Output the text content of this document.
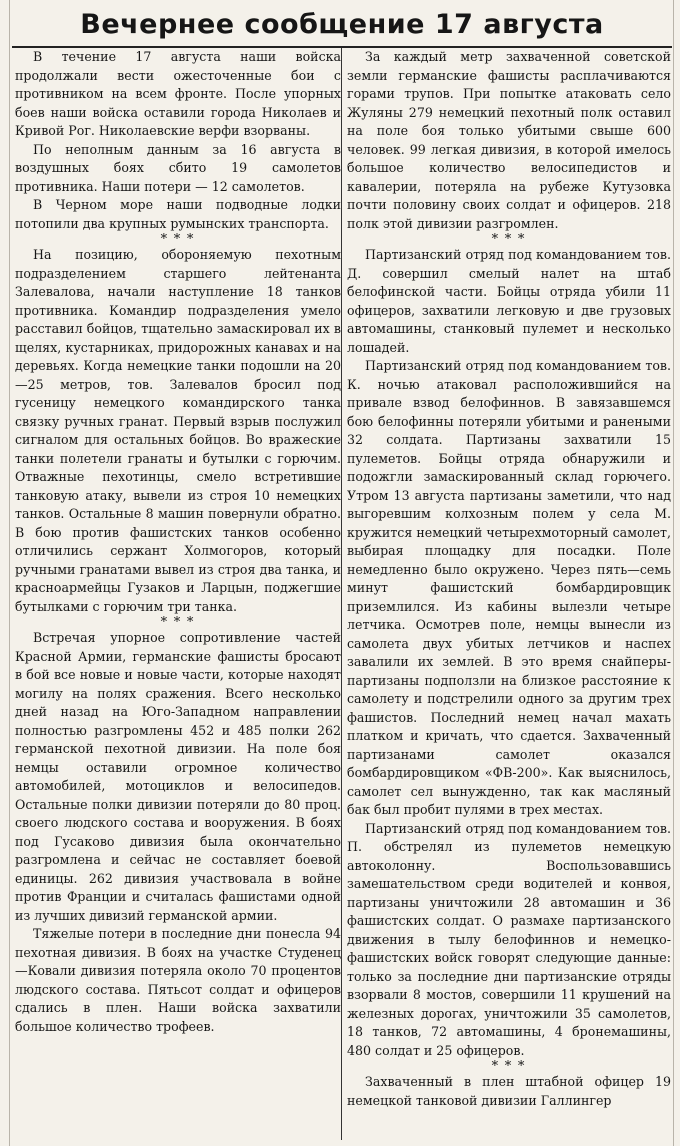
Вечернее сообщение 17 августа

В течение 17 августа наши войска продолжали вести ожесточенные бои с противником на всем фронте. После упорных боев наши войска оставили города Николаев и Кривой Рог. Николаевские верфи взорваны.

По неполным данным за 16 августа в воздушных боях сбито 19 самолетов противника. Наши потери — 12 самолетов.

В Черном море наши подводные лодки потопили два крупных румынских транспорта.

* * *

На позицию, обороняемую пехотным подразделением старшего лейтенанта Залевалова, начали наступление 18 танков противника. Командир подразделения умело расставил бойцов, тщательно замаскировал их в щелях, кустарниках, придорожных канавах и на деревьях. Когда немецкие танки подошли на 20—25 метров, тов. Залевалов бросил под гусеницу немецкого командирского танка связку ручных гранат. Первый взрыв послужил сигналом для остальных бойцов. Во вражеские танки полетели гранаты и бутылки с горючим. Отважные пехотинцы, смело встретившие танковую атаку, вывели из строя 10 немецких танков. Остальные 8 машин повернули обратно. В бою против фашистских танков особенно отличились сержант Холмогоров, который ручными гранатами вывел из строя два танка, и красноармейцы Гузаков и Ларцын, поджегшие бутылками с горючим три танка.

* * *

Встречая упорное сопротивление частей Красной Армии, германские фашисты бросают в бой все новые и новые части, которые находят могилу на полях сражения. Всего несколько дней назад на Юго-Западном направлении полностью разгромлены 452 и 485 полки 262 германской пехотной дивизии. На поле боя немцы оставили огромное количество автомобилей, мотоциклов и велосипедов. Остальные полки дивизии потеряли до 80 проц. своего людского состава и вооружения. В боях под Гусаково дивизия была окончательно разгромлена и сейчас не составляет боевой единицы. 262 дивизия участвовала в войне против Франции и считалась фашистами одной из лучших дивизий германской армии.

Тяжелые потери в последние дни понесла 94 пехотная дивизия. В боях на участке Студенец—Ковали дивизия потеряла около 70 процентов людского состава. Пятьсот солдат и офицеров сдались в плен. Наши войска захватили большое количество трофеев.

За каждый метр захваченной советской земли германские фашисты расплачиваются горами трупов. При попытке атаковать село Жуляны 279 немецкий пехотный полк оставил на поле боя только убитыми свыше 600 человек. 99 легкая дивизия, в которой имелось большое количество велосипедистов и кавалерии, потеряла на рубеже Кутузовка почти половину своих солдат и офицеров. 218 полк этой дивизии разгромлен.

* * *

Партизанский отряд под командованием тов. Д. совершил смелый налет на штаб белофинской части. Бойцы отряда убили 11 офицеров, захватили легковую и две грузовых автомашины, станковый пулемет и несколько лошадей.

Партизанский отряд под командованием тов. К. ночью атаковал расположившийся на привале взвод белофиннов. В завязавшемся бою белофинны потеряли убитыми и ранеными 32 солдата. Партизаны захватили 15 пулеметов. Бойцы отряда обнаружили и подожгли замаскированный склад горючего. Утром 13 августа партизаны заметили, что над выгоревшим колхозным полем у села М. кружится немецкий четырехмоторный самолет, выбирая площадку для посадки. Поле немедленно было окружено. Через пять—семь минут фашистский бомбардировщик приземлился. Из кабины вылезли четыре летчика. Осмотрев поле, немцы вынесли из самолета двух убитых летчиков и наспех завалили их землей. В это время снайперы-партизаны подползли на близкое расстояние к самолету и подстрелили одного за другим трех фашистов. Последний немец начал махать платком и кричать, что сдается. Захваченный партизанами самолет оказался бомбардировщиком «ФВ-200». Как выяснилось, самолет сел вынужденно, так как масляный бак был пробит пулями в трех местах.

Партизанский отряд под командованием тов. П. обстрелял из пулеметов немецкую автоколонну. Воспользовавшись замешательством среди водителей и конвоя, партизаны уничтожили 28 автомашин и 36 фашистских солдат. О размахе партизанского движения в тылу белофиннов и немецко-фашистских войск говорят следующие данные: только за последние дни партизанские отряды взорвали 8 мостов, совершили 11 крушений на железных дорогах, уничтожили 35 самолетов, 18 танков, 72 автомашины, 4 бронемашины, 480 солдат и 25 офицеров.

* * *

Захваченный в плен штабной офицер 19 немецкой танковой дивизии Галлингер
